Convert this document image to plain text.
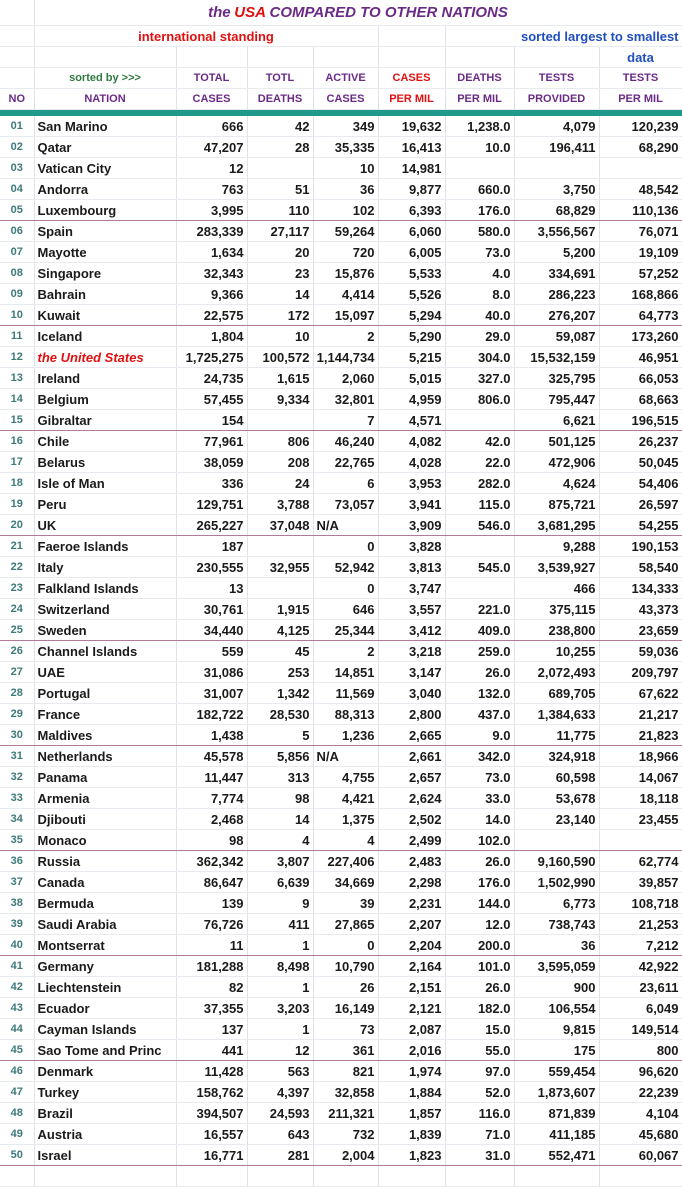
	the USA COMPARED TO OTHER NATIONS							
	international standing					sorted largest to smallest		
								data
	sorted by >>>	TOTAL	TOTL	ACTIVE	CASES	DEATHS	TESTS	TESTS
NO	NATION	CASES	DEATHS	CASES	PER MIL	PER MIL	PROVIDED	PER MIL

01	San Marino	666	42	349	19,632	1,238.0	4,079	120,239
02	Qatar	47,207	28	35,335	16,413	10.0	196,411	68,290
03	Vatican City	12		10	14,981			
04	Andorra	763	51	36	9,877	660.0	3,750	48,542
05	Luxembourg	3,995	110	102	6,393	176.0	68,829	110,136
06	Spain	283,339	27,117	59,264	6,060	580.0	3,556,567	76,071
07	Mayotte	1,634	20	720	6,005	73.0	5,200	19,109
08	Singapore	32,343	23	15,876	5,533	4.0	334,691	57,252
09	Bahrain	9,366	14	4,414	5,526	8.0	286,223	168,866
10	Kuwait	22,575	172	15,097	5,294	40.0	276,207	64,773
11	Iceland	1,804	10	2	5,290	29.0	59,087	173,260
12	the United States	1,725,275	100,572	1,144,734	5,215	304.0	15,532,159	46,951
13	Ireland	24,735	1,615	2,060	5,015	327.0	325,795	66,053
14	Belgium	57,455	9,334	32,801	4,959	806.0	795,447	68,663
15	Gibraltar	154		7	4,571		6,621	196,515
16	Chile	77,961	806	46,240	4,082	42.0	501,125	26,237
17	Belarus	38,059	208	22,765	4,028	22.0	472,906	50,045
18	Isle of Man	336	24	6	3,953	282.0	4,624	54,406
19	Peru	129,751	3,788	73,057	3,941	115.0	875,721	26,597
20	UK	265,227	37,048	N/A	3,909	546.0	3,681,295	54,255
21	Faeroe Islands	187		0	3,828		9,288	190,153
22	Italy	230,555	32,955	52,942	3,813	545.0	3,539,927	58,540
23	Falkland Islands	13		0	3,747		466	134,333
24	Switzerland	30,761	1,915	646	3,557	221.0	375,115	43,373
25	Sweden	34,440	4,125	25,344	3,412	409.0	238,800	23,659
26	Channel Islands	559	45	2	3,218	259.0	10,255	59,036
27	UAE	31,086	253	14,851	3,147	26.0	2,072,493	209,797
28	Portugal	31,007	1,342	11,569	3,040	132.0	689,705	67,622
29	France	182,722	28,530	88,313	2,800	437.0	1,384,633	21,217
30	Maldives	1,438	5	1,236	2,665	9.0	11,775	21,823
31	Netherlands	45,578	5,856	N/A	2,661	342.0	324,918	18,966
32	Panama	11,447	313	4,755	2,657	73.0	60,598	14,067
33	Armenia	7,774	98	4,421	2,624	33.0	53,678	18,118
34	Djibouti	2,468	14	1,375	2,502	14.0	23,140	23,455
35	Monaco	98	4	4	2,499	102.0		
36	Russia	362,342	3,807	227,406	2,483	26.0	9,160,590	62,774
37	Canada	86,647	6,639	34,669	2,298	176.0	1,502,990	39,857
38	Bermuda	139	9	39	2,231	144.0	6,773	108,718
39	Saudi Arabia	76,726	411	27,865	2,207	12.0	738,743	21,253
40	Montserrat	11	1	0	2,204	200.0	36	7,212
41	Germany	181,288	8,498	10,790	2,164	101.0	3,595,059	42,922
42	Liechtenstein	82	1	26	2,151	26.0	900	23,611
43	Ecuador	37,355	3,203	16,149	2,121	182.0	106,554	6,049
44	Cayman Islands	137	1	73	2,087	15.0	9,815	149,514
45	Sao Tome and Princ	441	12	361	2,016	55.0	175	800
46	Denmark	11,428	563	821	1,974	97.0	559,454	96,620
47	Turkey	158,762	4,397	32,858	1,884	52.0	1,873,607	22,239
48	Brazil	394,507	24,593	211,321	1,857	116.0	871,839	4,104
49	Austria	16,557	643	732	1,839	71.0	411,185	45,680
50	Israel	16,771	281	2,004	1,823	31.0	552,471	60,067
